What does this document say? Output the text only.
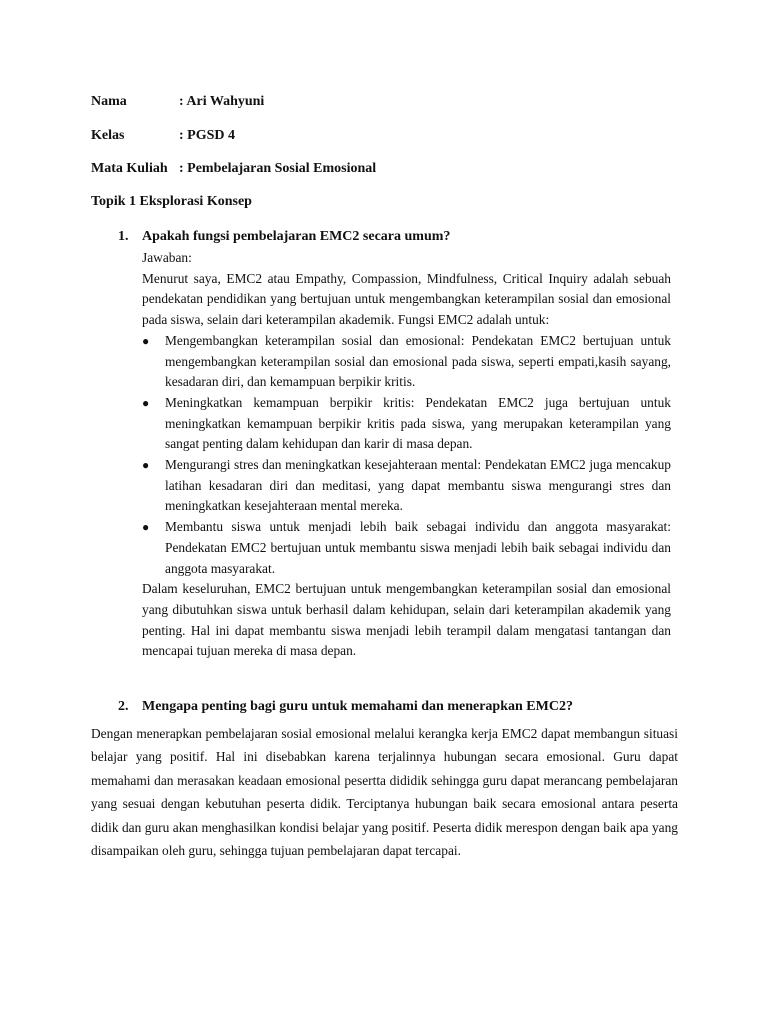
Nama	: Ari Wahyuni
Kelas	: PGSD 4
Mata Kuliah : Pembelajaran Sosial Emosional
Topik 1 Eksplorasi Konsep
1. Apakah fungsi pembelajaran EMC2 secara umum?

Jawaban:

Menurut saya, EMC2 atau Empathy, Compassion, Mindfulness, Critical Inquiry adalah sebuah pendekatan pendidikan yang bertujuan untuk mengembangkan keterampilan sosial dan emosional pada siswa, selain dari keterampilan akademik. Fungsi EMC2 adalah untuk:

● Mengembangkan keterampilan sosial dan emosional: Pendekatan EMC2 bertujuan untuk mengembangkan keterampilan sosial dan emosional pada siswa, seperti empati,kasih sayang, kesadaran diri, dan kemampuan berpikir kritis.
● Meningkatkan kemampuan berpikir kritis: Pendekatan EMC2 juga bertujuan untuk meningkatkan kemampuan berpikir kritis pada siswa, yang merupakan keterampilan yang sangat penting dalam kehidupan dan karir di masa depan.
● Mengurangi stres dan meningkatkan kesejahteraan mental: Pendekatan EMC2 juga mencakup latihan kesadaran diri dan meditasi, yang dapat membantu siswa mengurangi stres dan meningkatkan kesejahteraan mental mereka.
● Membantu siswa untuk menjadi lebih baik sebagai individu dan anggota masyarakat: Pendekatan EMC2 bertujuan untuk membantu siswa menjadi lebih baik sebagai individu dan anggota masyarakat.

Dalam keseluruhan, EMC2 bertujuan untuk mengembangkan keterampilan sosial dan emosional yang dibutuhkan siswa untuk berhasil dalam kehidupan, selain dari keterampilan akademik yang penting. Hal ini dapat membantu siswa menjadi lebih terampil dalam mengatasi tantangan dan mencapai tujuan mereka di masa depan.

2. Mengapa penting bagi guru untuk memahami dan menerapkan EMC2?

Dengan menerapkan pembelajaran sosial emosional melalui kerangka kerja EMC2 dapat membangun situasi belajar yang positif. Hal ini disebabkan karena terjalinnya hubungan secara emosional. Guru dapat memahami dan merasakan keadaan emosional pesertta dididik sehingga guru dapat merancang pembelajaran yang sesuai dengan kebutuhan peserta didik. Terciptanya hubungan baik secara emosional antara peserta didik dan guru akan menghasilkan kondisi belajar yang positif. Peserta didik merespon dengan baik apa yang disampaikan oleh guru, sehingga tujuan pembelajaran dapat tercapai.
